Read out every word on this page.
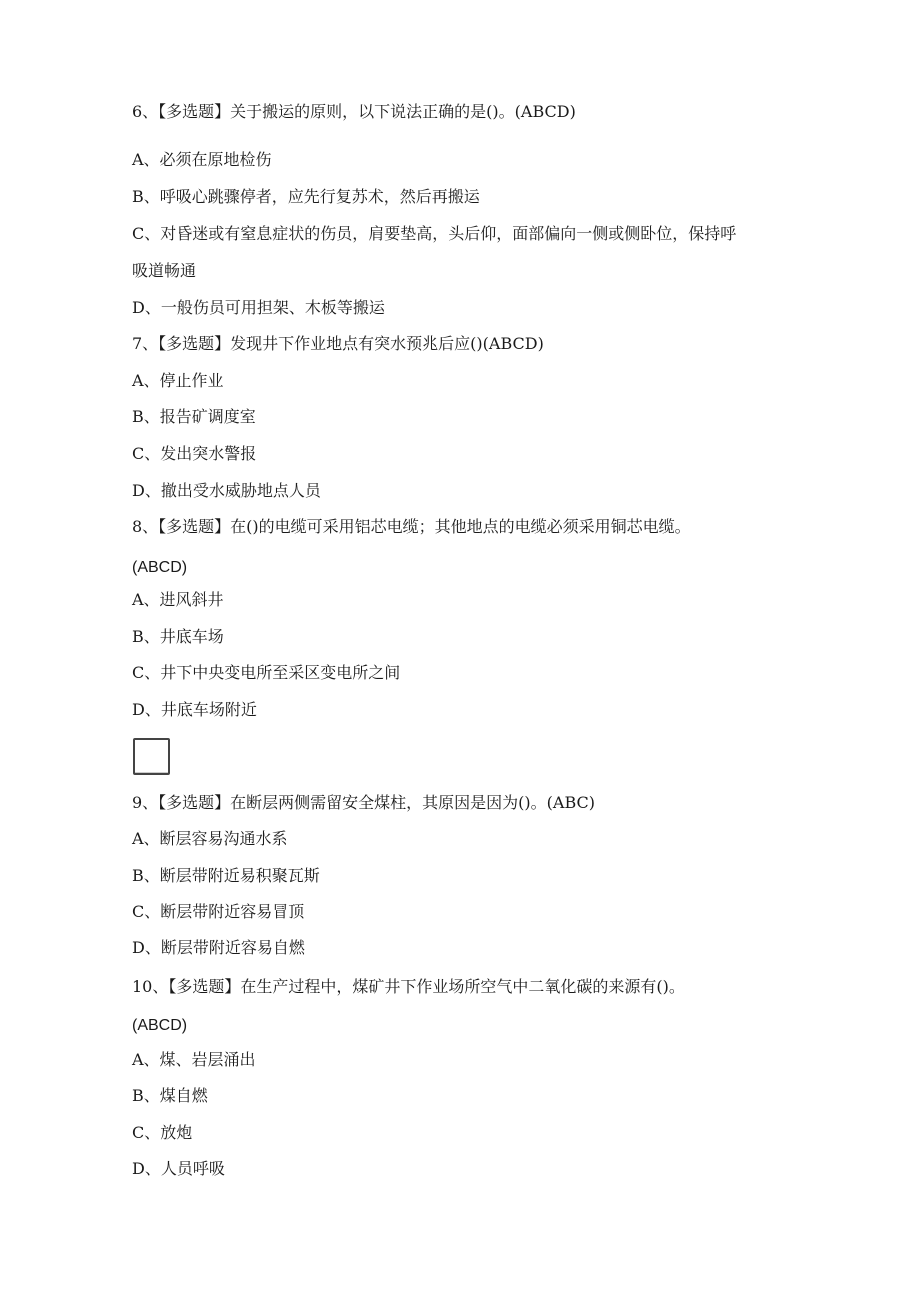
6、【多选题】关于搬运的原则，以下说法正确的是()。(ABCD)
A、必须在原地检伤
B、呼吸心跳骤停者，应先行复苏术，然后再搬运
C、对昏迷或有窒息症状的伤员，肩要垫高，头后仰，面部偏向一侧或侧卧位，保持呼
吸道畅通
D、一般伤员可用担架、木板等搬运
7、【多选题】发现井下作业地点有突水预兆后应()(ABCD)
A、停止作业
B、报告矿调度室
C、发出突水警报
D、撤出受水威胁地点人员
8、【多选题】在()的电缆可采用铝芯电缆；其他地点的电缆必须采用铜芯电缆。
(ABCD)
A、进风斜井
B、井底车场
C、井下中央变电所至采区变电所之间
D、井底车场附近
9、【多选题】在断层两侧需留安全煤柱，其原因是因为()。(ABC)
A、断层容易沟通水系
B、断层带附近易积聚瓦斯
C、断层带附近容易冒顶
D、断层带附近容易自燃
10、【多选题】在生产过程中，煤矿井下作业场所空气中二氧化碳的来源有()。
(ABCD)
A、煤、岩层涌出
B、煤自燃
C、放炮
D、人员呼吸
